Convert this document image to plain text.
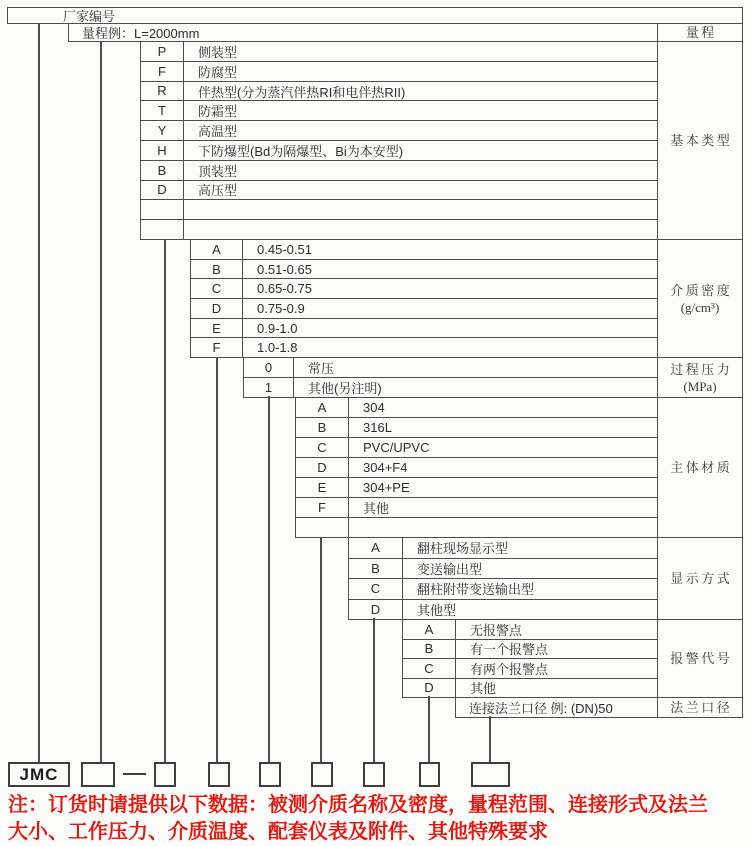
厂家编号
量程例：L=2000mm	量程
P	侧装型
F	防腐型
R	伴热型(分为蒸汽伴热RI和电伴热RII)
T	防霜型
Y	高温型
H	下防爆型(Bd为隔爆型、Bi为本安型)
B	顶装型
D	高压型
基本类型
A	0.45-0.51
B	0.51-0.65
C	0.65-0.75
D	0.75-0.9
E	0.9-1.0
F	1.0-1.8
介质密度
(g/cm³)
0	常压
1	其他(另注明)
过程压力
(MPa)
A	304
B	316L
C	PVC/UPVC
D	304+F4
E	304+PE
F	其他
主体材质
A	翻柱现场显示型
B	变送输出型
C	翻柱附带变送输出型
D	其他型
显示方式
A	无报警点
B	有一个报警点
C	有两个报警点
D	其他
报警代号
连接法兰口径 例: (DN)50	法兰口径
JMC
注：订货时请提供以下数据：被测介质名称及密度，量程范围、连接形式及法兰
大小、工作压力、介质温度、配套仪表及附件、其他特殊要求
